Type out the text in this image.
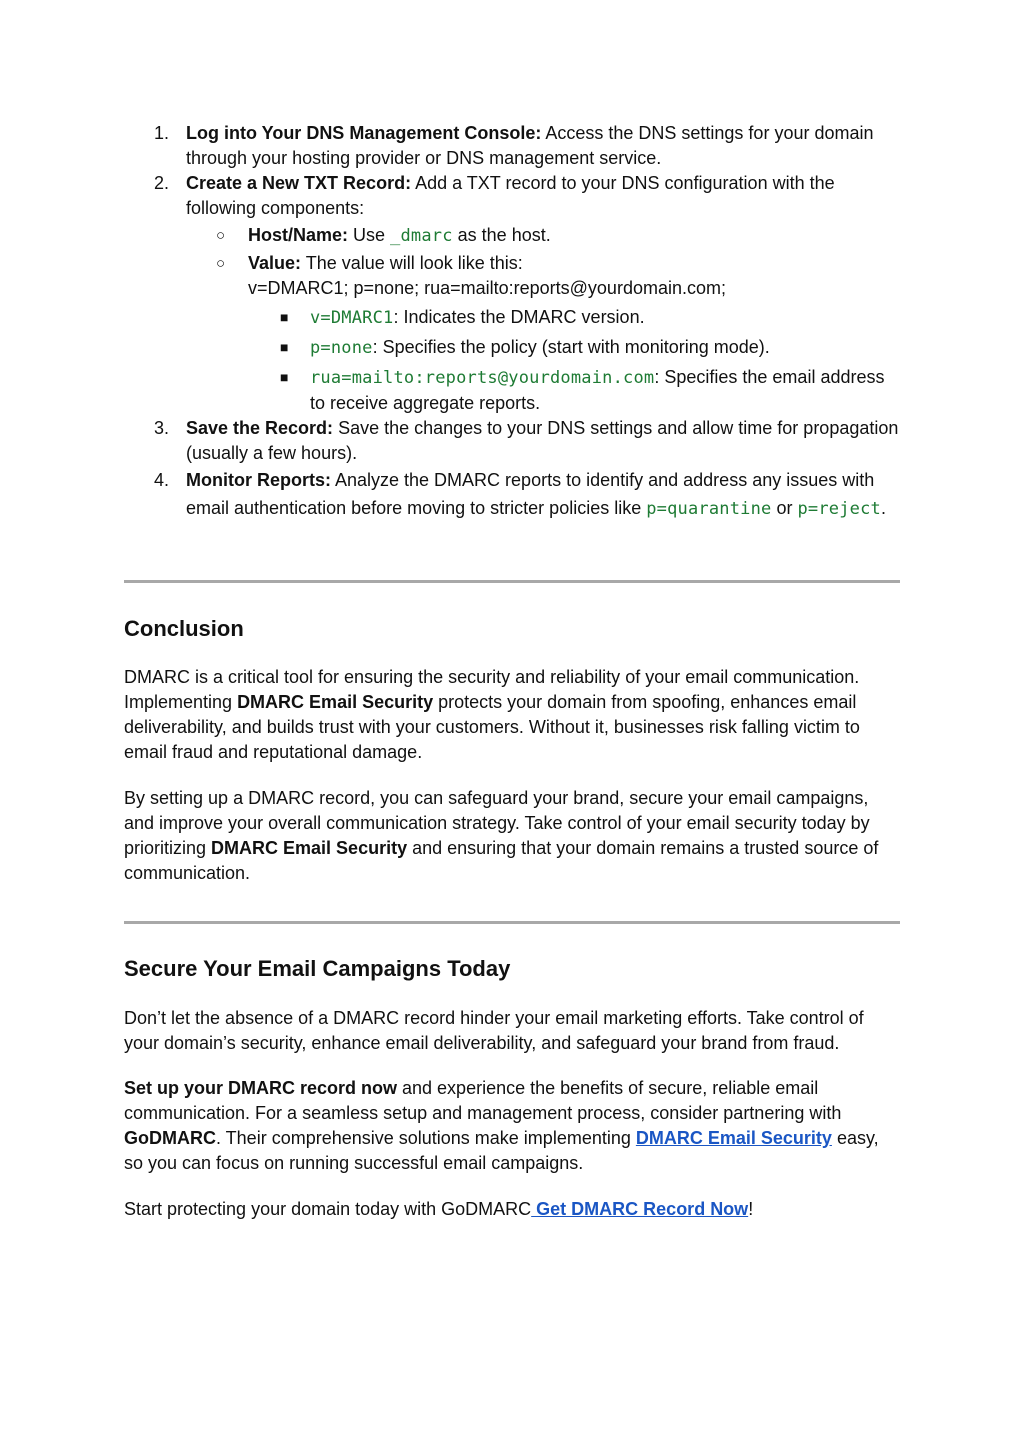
1. Log into Your DNS Management Console: Access the DNS settings for your domain through your hosting provider or DNS management service.
2. Create a New TXT Record: Add a TXT record to your DNS configuration with the following components:
○ Host/Name: Use _dmarc as the host.
○ Value: The value will look like this:
v=DMARC1; p=none; rua=mailto:reports@yourdomain.com;
■ v=DMARC1: Indicates the DMARC version.
■ p=none: Specifies the policy (start with monitoring mode).
■ rua=mailto:reports@yourdomain.com: Specifies the email address to receive aggregate reports.
3. Save the Record: Save the changes to your DNS settings and allow time for propagation (usually a few hours).
4. Monitor Reports: Analyze the DMARC reports to identify and address any issues with email authentication before moving to stricter policies like p=quarantine or p=reject.
Conclusion

DMARC is a critical tool for ensuring the security and reliability of your email communication. Implementing DMARC Email Security protects your domain from spoofing, enhances email deliverability, and builds trust with your customers. Without it, businesses risk falling victim to email fraud and reputational damage.

By setting up a DMARC record, you can safeguard your brand, secure your email campaigns, and improve your overall communication strategy. Take control of your email security today by prioritizing DMARC Email Security and ensuring that your domain remains a trusted source of communication.

Secure Your Email Campaigns Today

Don’t let the absence of a DMARC record hinder your email marketing efforts. Take control of your domain’s security, enhance email deliverability, and safeguard your brand from fraud.

Set up your DMARC record now and experience the benefits of secure, reliable email communication. For a seamless setup and management process, consider partnering with GoDMARC. Their comprehensive solutions make implementing DMARC Email Security easy, so you can focus on running successful email campaigns.

Start protecting your domain today with GoDMARC Get DMARC Record Now!
